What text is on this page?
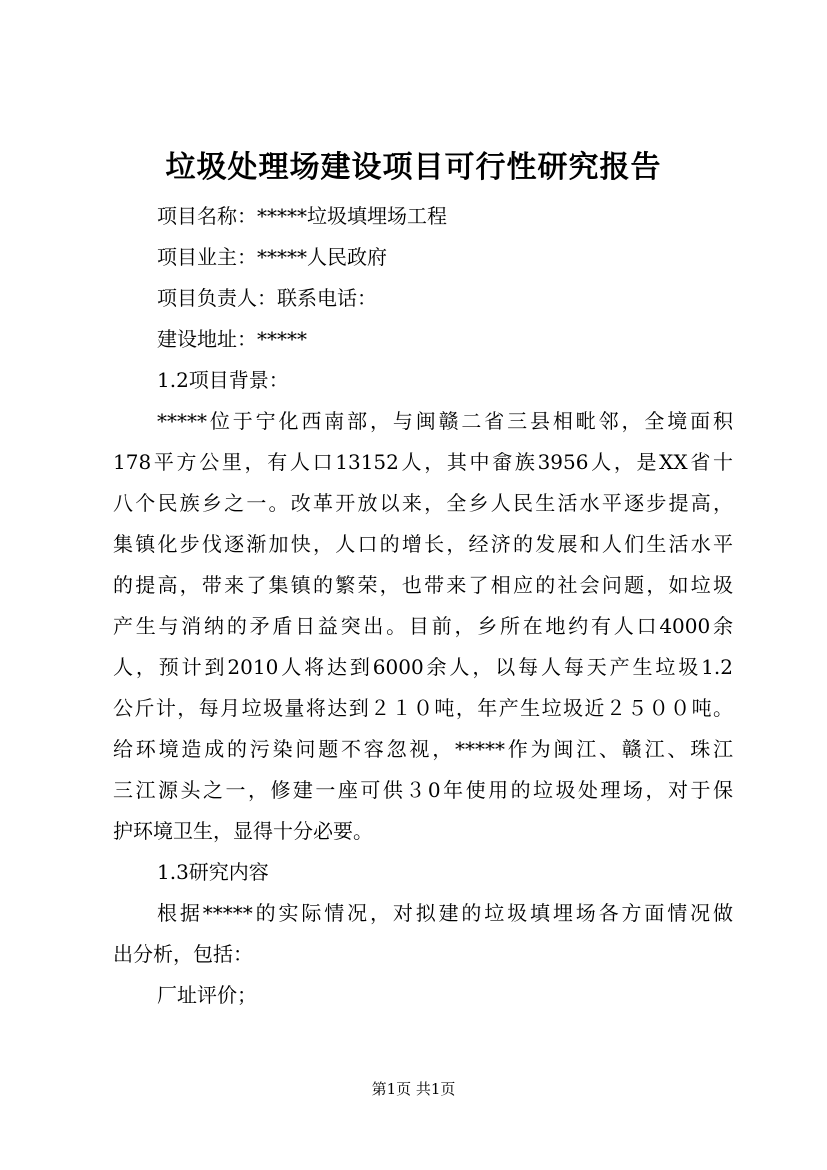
垃圾处理场建设项目可行性研究报告
项目名称：*****垃圾填埋场工程
项目业主：*****人民政府
项目负责人：联系电话：
建设地址：*****
1.2项目背景：
*****位于宁化西南部，与闽赣二省三县相毗邻，全境面积
178平方公里，有人口13152人，其中畲族3956人，是XX省十
八个民族乡之一。改革开放以来，全乡人民生活水平逐步提高，
集镇化步伐逐渐加快，人口的增长，经济的发展和人们生活水平
的提高，带来了集镇的繁荣，也带来了相应的社会问题，如垃圾
产生与消纳的矛盾日益突出。目前，乡所在地约有人口4000余
人，预计到2010人将达到6000余人，以每人每天产生垃圾1.2
公斤计，每月垃圾量将达到２１０吨，年产生垃圾近２５００吨。
给环境造成的污染问题不容忽视，*****作为闽江、赣江、珠江
三江源头之一，修建一座可供３0年使用的垃圾处理场，对于保
护环境卫生，显得十分必要。
1.3研究内容
根据*****的实际情况，对拟建的垃圾填埋场各方面情况做
出分析，包括：
厂址评价；
第1页 共1页
